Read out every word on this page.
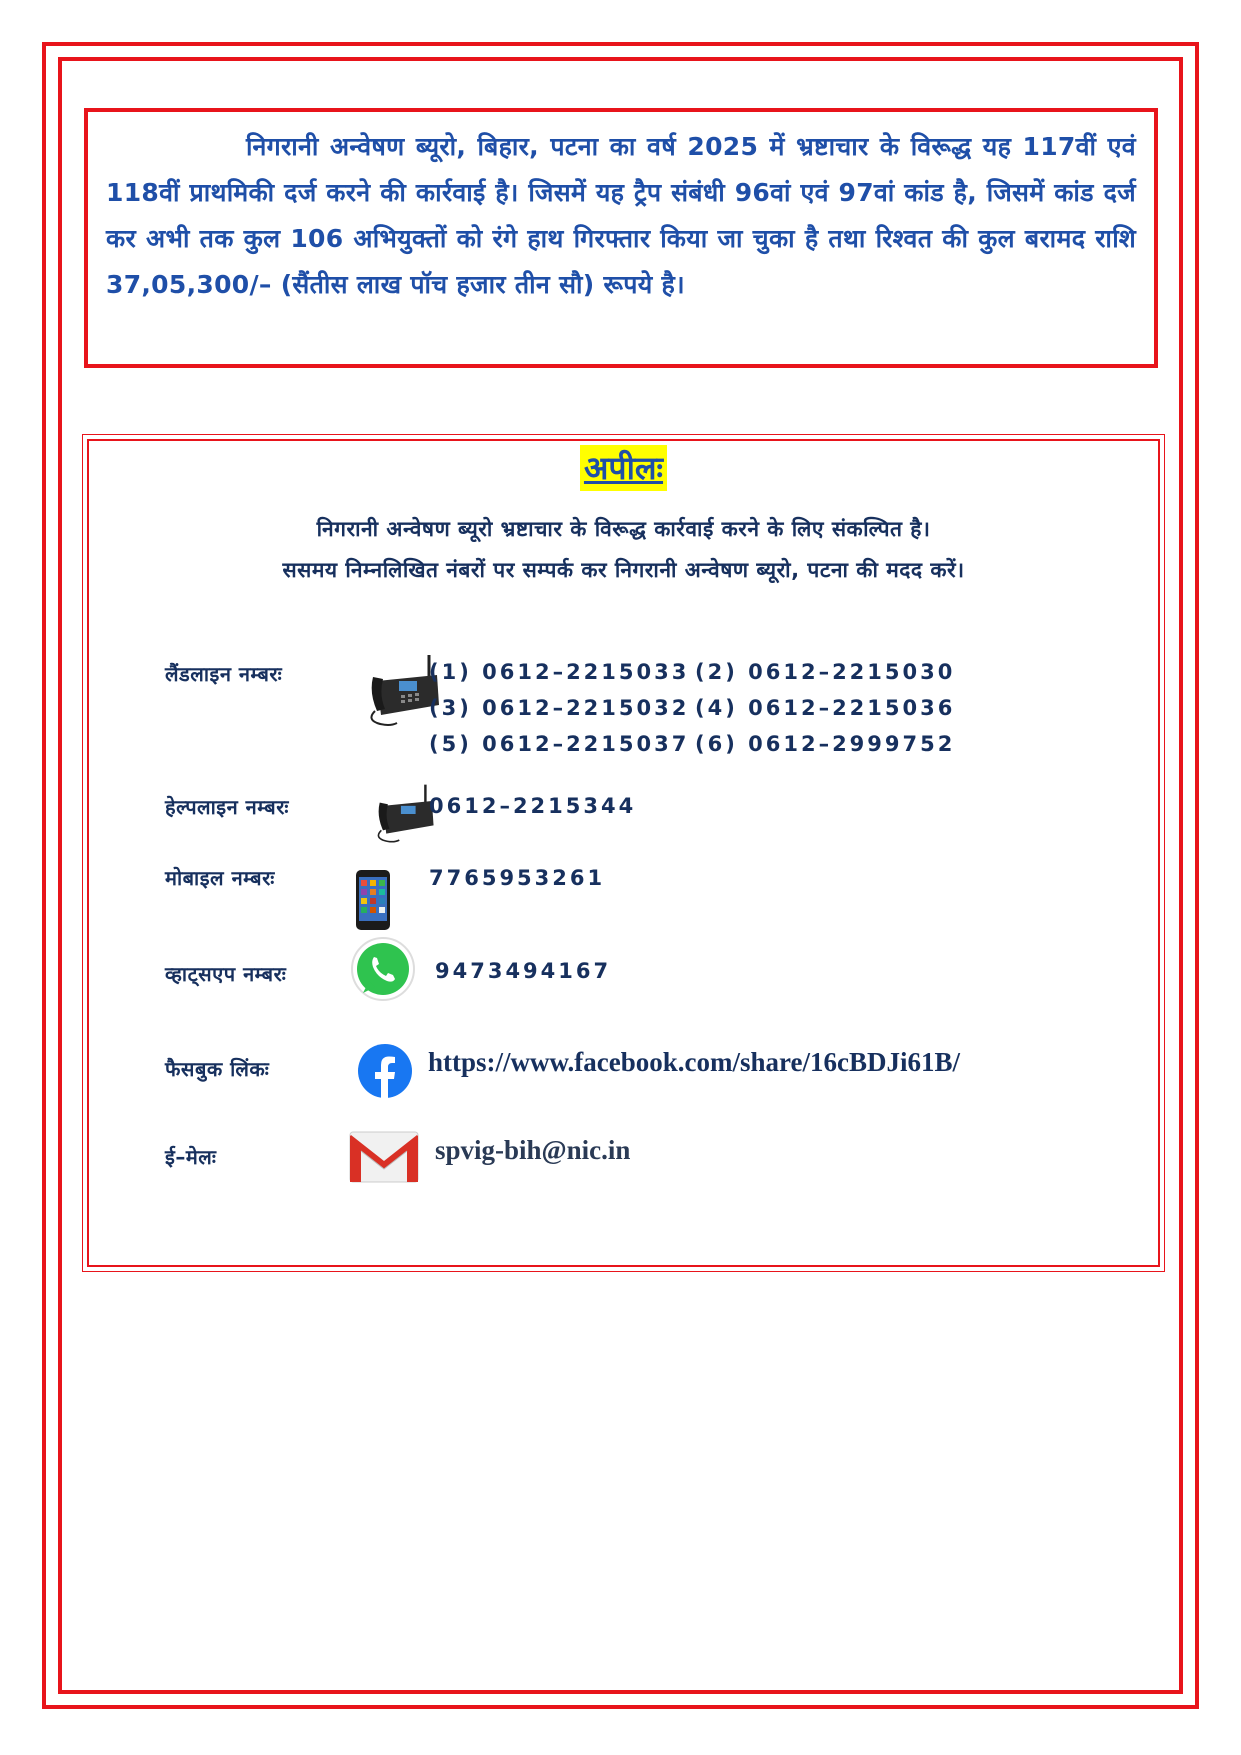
निगरानी अन्वेषण ब्यूरो, बिहार, पटना का वर्ष 2025 में भ्रष्टाचार के विरूद्ध यह 117वीं एवं 118वीं प्राथमिकी दर्ज करने की कार्रवाई है। जिसमें यह ट्रैप संबंधी 96वां एवं 97वां कांड है, जिसमें कांड दर्ज कर अभी तक कुल 106 अभियुक्तों को रंगे हाथ गिरफ्तार किया जा चुका है तथा रिश्वत की कुल बरामद राशि 37,05,300/– (सैंतीस लाख पॉच हजार तीन सौ) रूपये है।

अपीलः
निगरानी अन्वेषण ब्यूरो भ्रष्टाचार के विरूद्ध कार्रवाई करने के लिए संकल्पित है।
ससमय निम्नलिखित नंबरों पर सम्पर्क कर निगरानी अन्वेषण ब्यूरो, पटना की मदद करें।
लैंडलाइन नम्बरः	(1) 0612–2215033 (2) 0612–2215030
(3) 0612–2215032 (4) 0612–2215036
(5) 0612–2215037 (6) 0612–2999752
हेल्पलाइन नम्बरः	0612–2215344
मोबाइल नम्बरः	7765953261
व्हाट्सएप नम्बरः	9473494167
फैसबुक लिंकः	https://www.facebook.com/share/16cBDJi61B/
ई–मेलः	spvig-bih@nic.in
